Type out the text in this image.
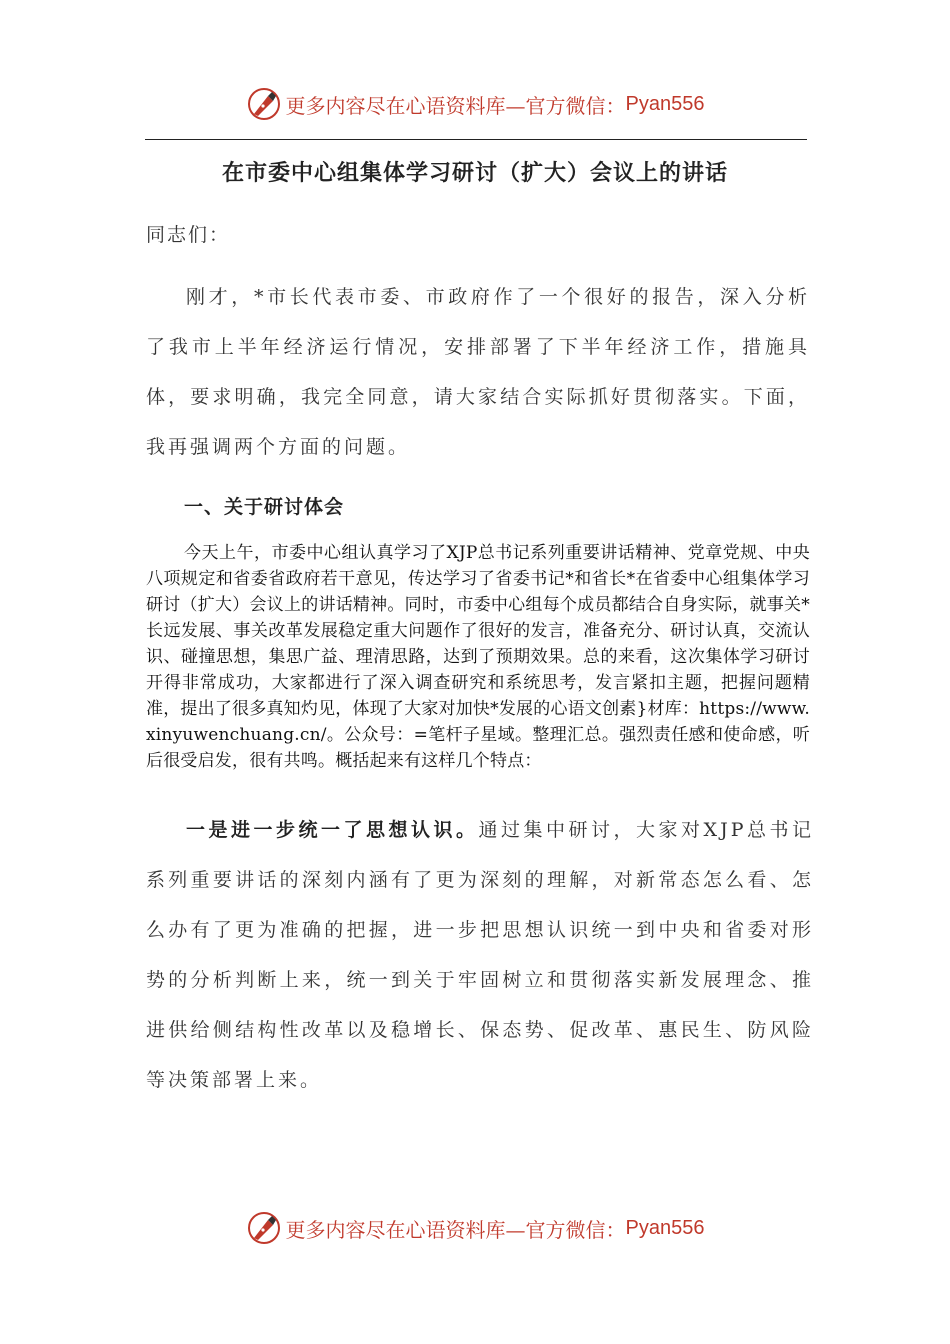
更多内容尽在心语资料库—官方微信： Pyan556
在市委中心组集体学习研讨（扩大）会议上的讲话

同志们：

刚才，*市长代表市委、市政府作了一个很好的报告，深入分析了我市上半年经济运行情况，安排部署了下半年经济工作，措施具体，要求明确，我完全同意，请大家结合实际抓好贯彻落实。下面，我再强调两个方面的问题。

一、关于研讨体会

今天上午，市委中心组认真学习了XJP总书记系列重要讲话精神、党章党规、中央八项规定和省委省政府若干意见，传达学习了省委书记*和省长*在省委中心组集体学习研讨（扩大）会议上的讲话精神。同时，市委中心组每个成员都结合自身实际，就事关*长远发展、事关改革发展稳定重大问题作了很好的发言，准备充分、研讨认真，交流认识、碰撞思想，集思广益、理清思路，达到了预期效果。总的来看，这次集体学习研讨开得非常成功，大家都进行了深入调查研究和系统思考，发言紧扣主题，把握问题精准，提出了很多真知灼见，体现了大家对加快*发展的心语文创素}材库：https://www.xinyuwenchuang.cn/。公众号：=笔杆子星域。整理汇总。强烈责任感和使命感，听后很受启发，很有共鸣。概括起来有这样几个特点：

一是进一步统一了思想认识。通过集中研讨，大家对XJP总书记系列重要讲话的深刻内涵有了更为深刻的理解，对新常态怎么看、怎么办有了更为准确的把握，进一步把思想认识统一到中央和省委对形势的分析判断上来，统一到关于牢固树立和贯彻落实新发展理念、推进供给侧结构性改革以及稳增长、保态势、促改革、惠民生、防风险等决策部署上来。

更多内容尽在心语资料库—官方微信： Pyan556
